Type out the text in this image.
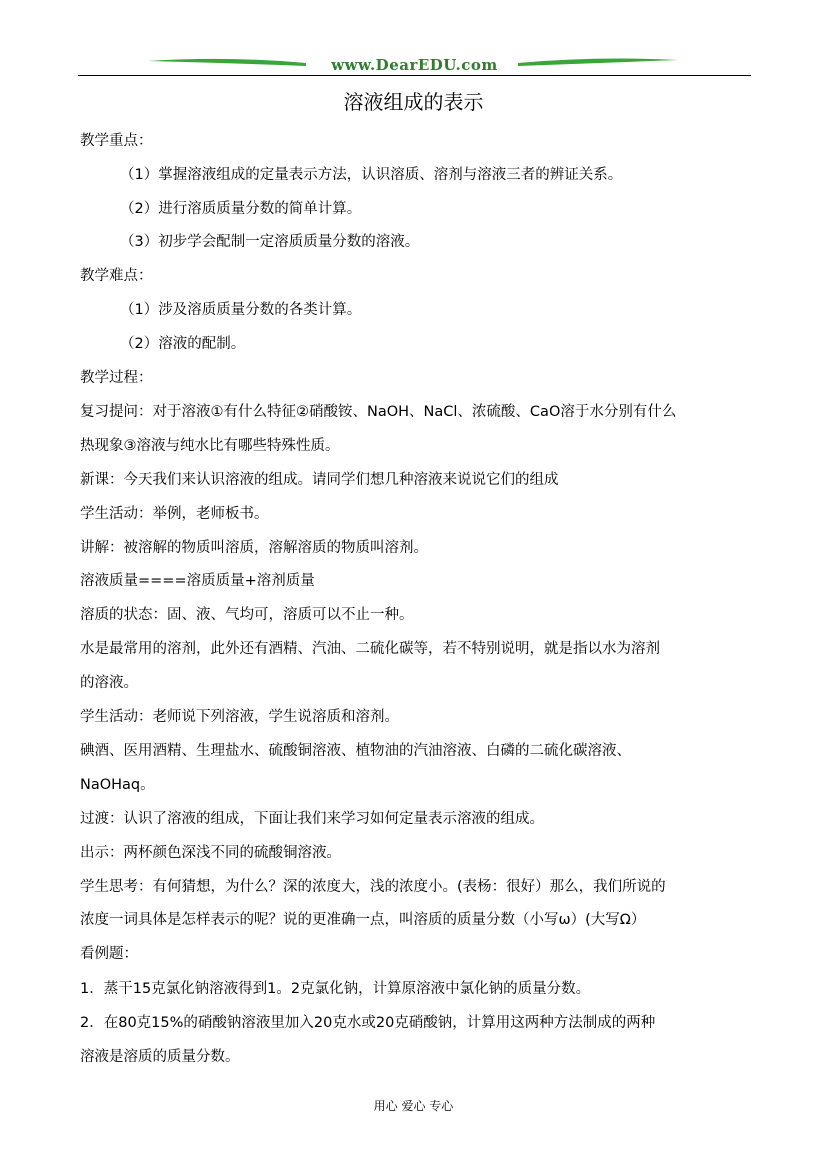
www.DearEDU.com
溶液组成的表示
教学重点：
（1）掌握溶液组成的定量表示方法，认识溶质、溶剂与溶液三者的辨证关系。
（2）进行溶质质量分数的简单计算。
（3）初步学会配制一定溶质质量分数的溶液。
教学难点：
（1）涉及溶质质量分数的各类计算。
（2）溶液的配制。
教学过程：
复习提问：对于溶液①有什么特征②硝酸铵、NaOH、NaCl、浓硫酸、CaO溶于水分别有什么
热现象③溶液与纯水比有哪些特殊性质。
新课：今天我们来认识溶液的组成。请同学们想几种溶液来说说它们的组成
学生活动：举例，老师板书。
讲解：被溶解的物质叫溶质，溶解溶质的物质叫溶剂。
溶液质量====溶质质量+溶剂质量
溶质的状态：固、液、气均可，溶质可以不止一种。
水是最常用的溶剂，此外还有酒精、汽油、二硫化碳等，若不特别说明，就是指以水为溶剂
的溶液。
学生活动：老师说下列溶液，学生说溶质和溶剂。
碘酒、医用酒精、生理盐水、硫酸铜溶液、植物油的汽油溶液、白磷的二硫化碳溶液、
NaOHaq。
过渡：认识了溶液的组成，下面让我们来学习如何定量表示溶液的组成。
出示：两杯颜色深浅不同的硫酸铜溶液。
学生思考：有何猜想，为什么？深的浓度大，浅的浓度小。(表杨：很好）那么，我们所说的
浓度一词具体是怎样表示的呢？说的更准确一点，叫溶质的质量分数（小写ω）(大写Ω）
看例题：
1．蒸干15克氯化钠溶液得到1。2克氯化钠，计算原溶液中氯化钠的质量分数。
2．在80克15%的硝酸钠溶液里加入20克水或20克硝酸钠，计算用这两种方法制成的两种
溶液是溶质的质量分数。
用心 爱心 专心
